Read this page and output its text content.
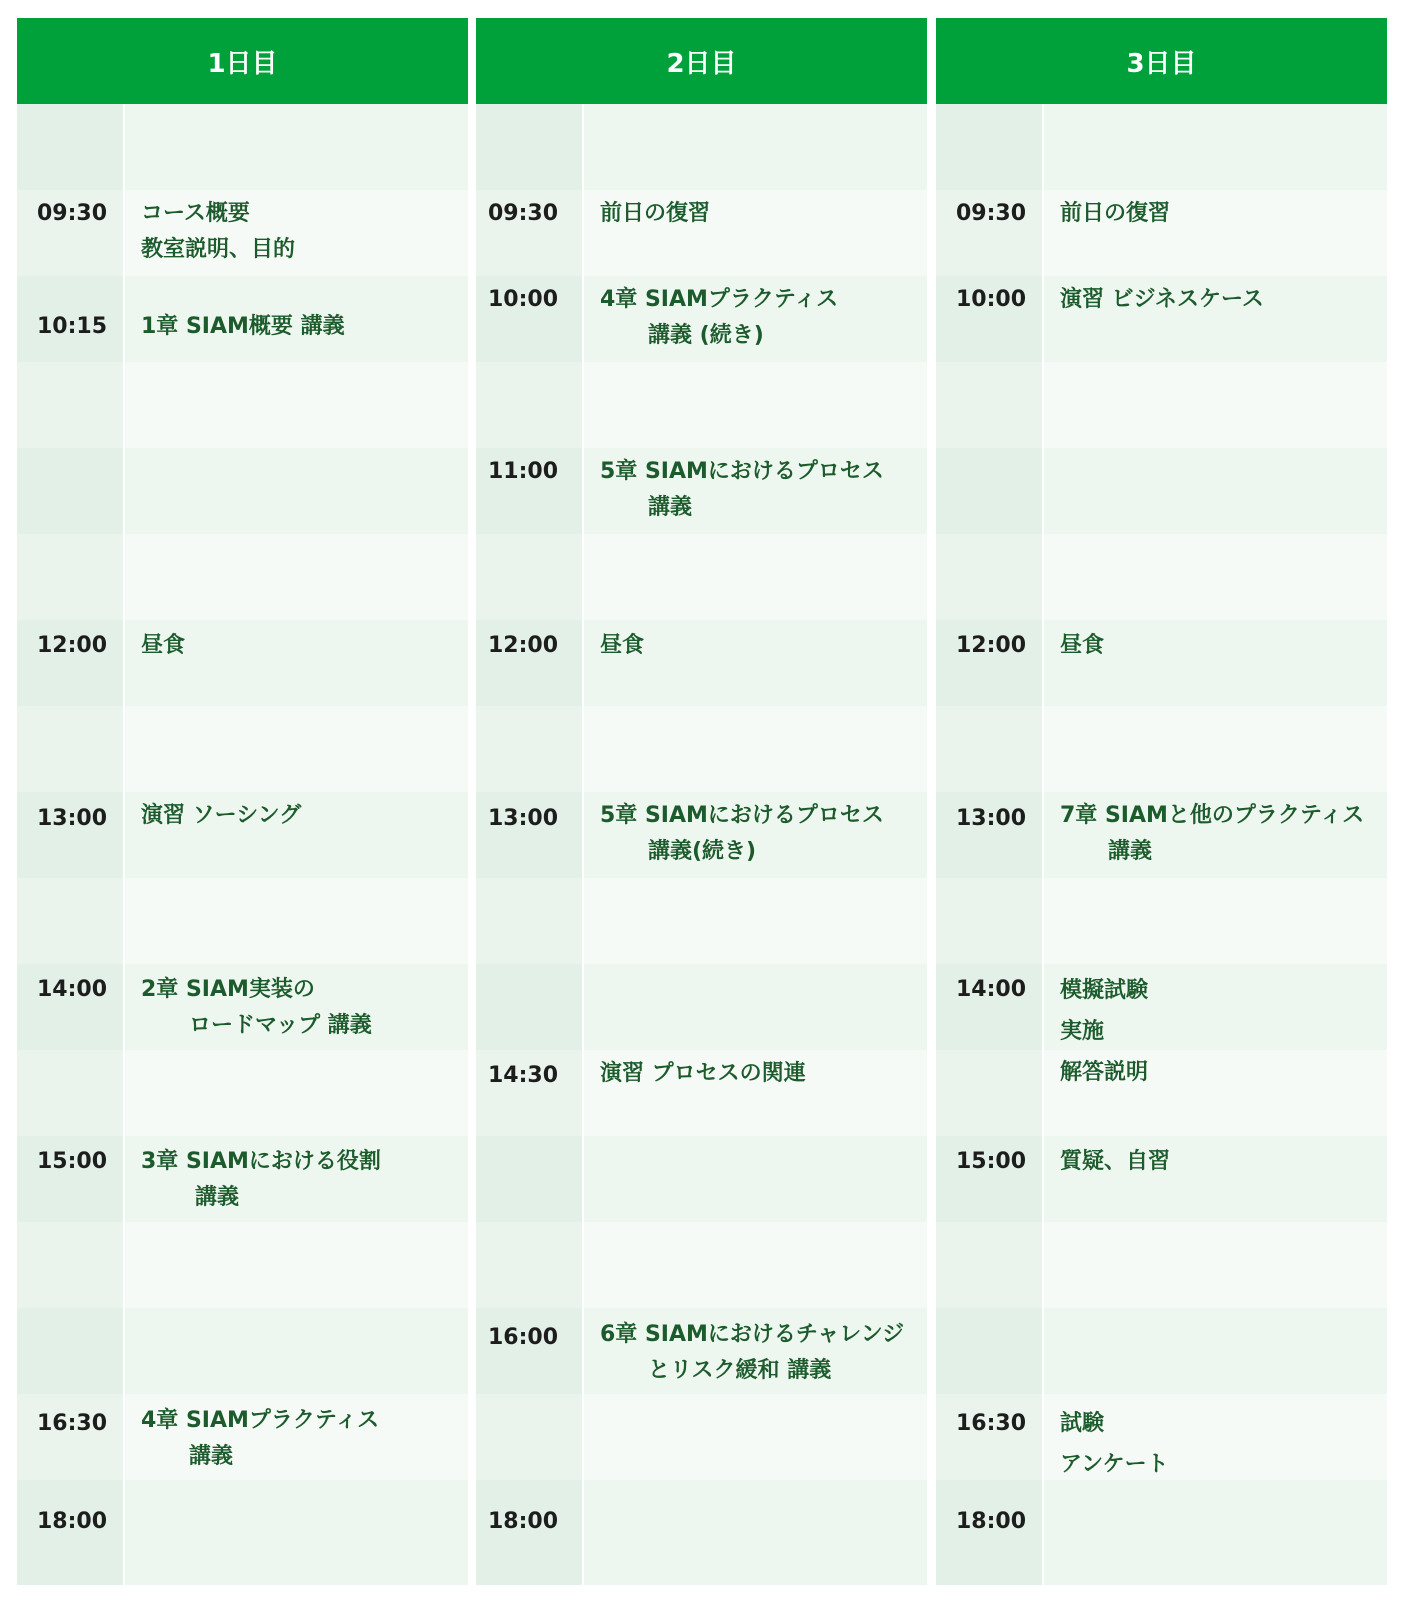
1日目
09:30	コース概要
教室説明、目的
10:15	1章 SIAM概要 講義
12:00	昼食
13:00	演習 ソーシング
14:00	2章 SIAM実装の
ロードマップ 講義
15:00	3章 SIAMにおける役割
講義
16:30	4章 SIAMプラクティス
講義
18:00
2日目
09:30	前日の復習
10:00	4章 SIAMプラクティス
講義 (続き)
11:00	5章 SIAMにおけるプロセス
講義
12:00	昼食
13:00	5章 SIAMにおけるプロセス
講義(続き)
14:30	演習 プロセスの関連
16:00	6章 SIAMにおけるチャレンジ
とリスク緩和 講義
18:00
3日目
09:30	前日の復習
10:00	演習 ビジネスケース
12:00	昼食
13:00	7章 SIAMと他のプラクティス
講義
14:00	模擬試験
実施
解答説明
15:00	質疑、自習
16:30	試験
アンケート
18:00
